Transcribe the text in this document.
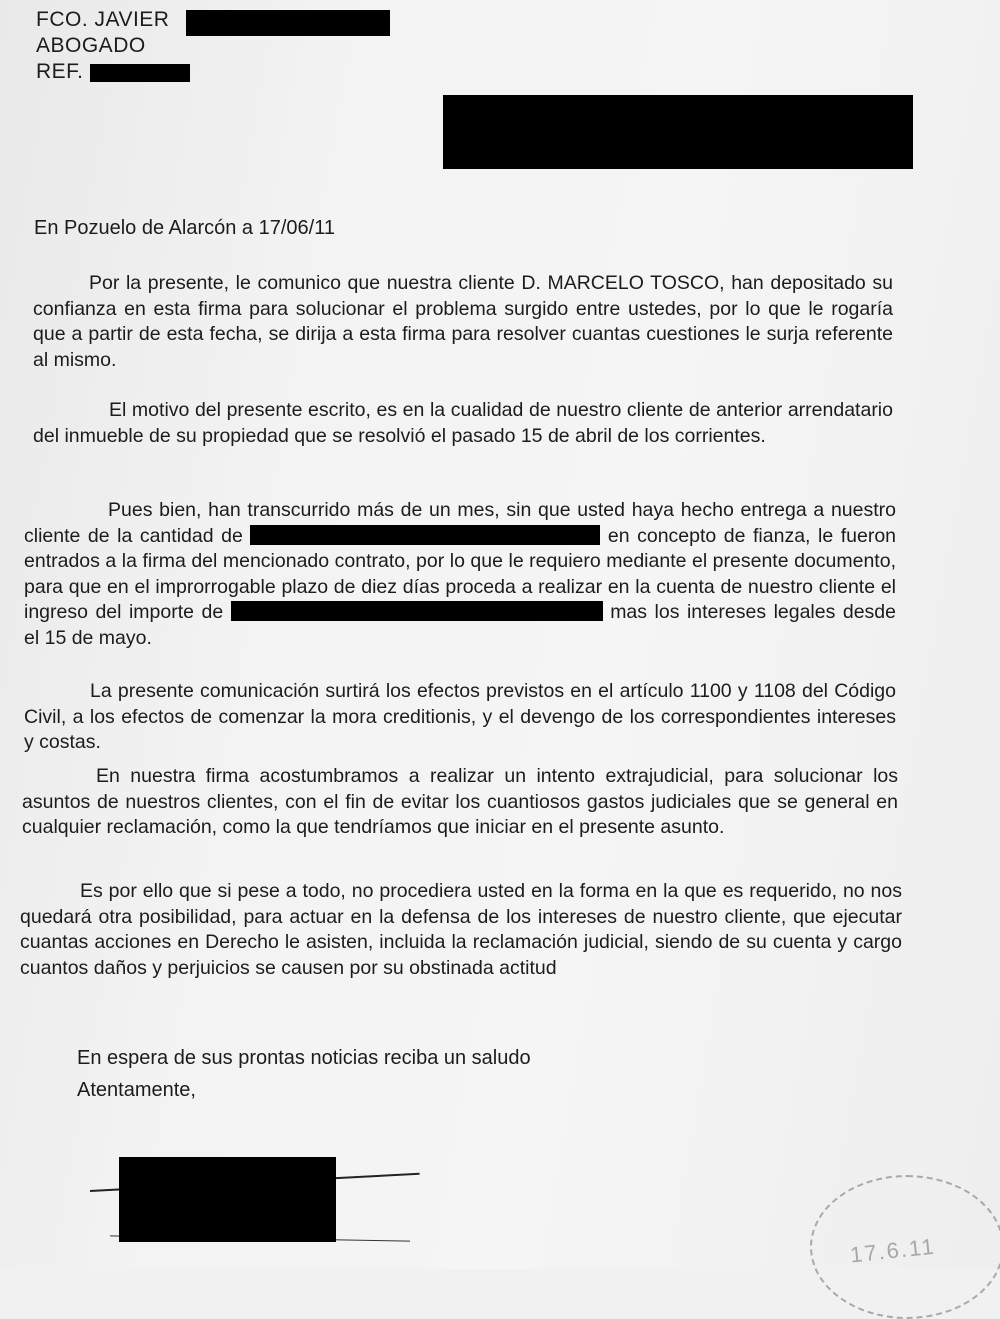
FCO. JAVIER
ABOGADO
REF.
En Pozuelo de Alarcón a 17/06/11

Por la presente, le comunico que nuestra cliente D. MARCELO TOSCO, han depositado su confianza en esta firma para solucionar el problema surgido entre ustedes, por lo que le rogaría que a partir de esta fecha, se dirija a esta firma para resolver cuantas cuestiones le surja referente al mismo.

El motivo del presente escrito, es en la cualidad de nuestro cliente de anterior arrendatario del inmueble de su propiedad que se resolvió el pasado 15 de abril de los corrientes.

Pues bien, han transcurrido más de un mes, sin que usted haya hecho entrega a nuestro cliente de la cantidad de	en concepto de fianza, le fueron entrados a la firma del mencionado contrato, por lo que le requiero mediante el presente documento, para que en el improrrogable plazo de diez días proceda a realizar en la cuenta de nuestro cliente el ingreso del importe de	mas los intereses legales desde el 15 de mayo.

La presente comunicación surtirá los efectos previstos en el artículo 1100 y 1108 del Código Civil, a los efectos de comenzar la mora creditionis, y el devengo de los correspondientes intereses y costas.

En nuestra firma acostumbramos a realizar un intento extrajudicial, para solucionar los asuntos de nuestros clientes, con el fin de evitar los cuantiosos gastos judiciales que se general en cualquier reclamación, como la que tendríamos que iniciar en el presente asunto.

Es por ello que si pese a todo, no procediera usted en la forma en la que es requerido, no nos quedará otra posibilidad, para actuar en la defensa de los intereses de nuestro cliente, que ejecutar cuantas acciones en Derecho le asisten, incluida la reclamación judicial, siendo de su cuenta y cargo cuantos daños y perjuicios se causen por su obstinada actitud

En espera de sus prontas noticias reciba un saludo
Atentamente,
17.6.11
